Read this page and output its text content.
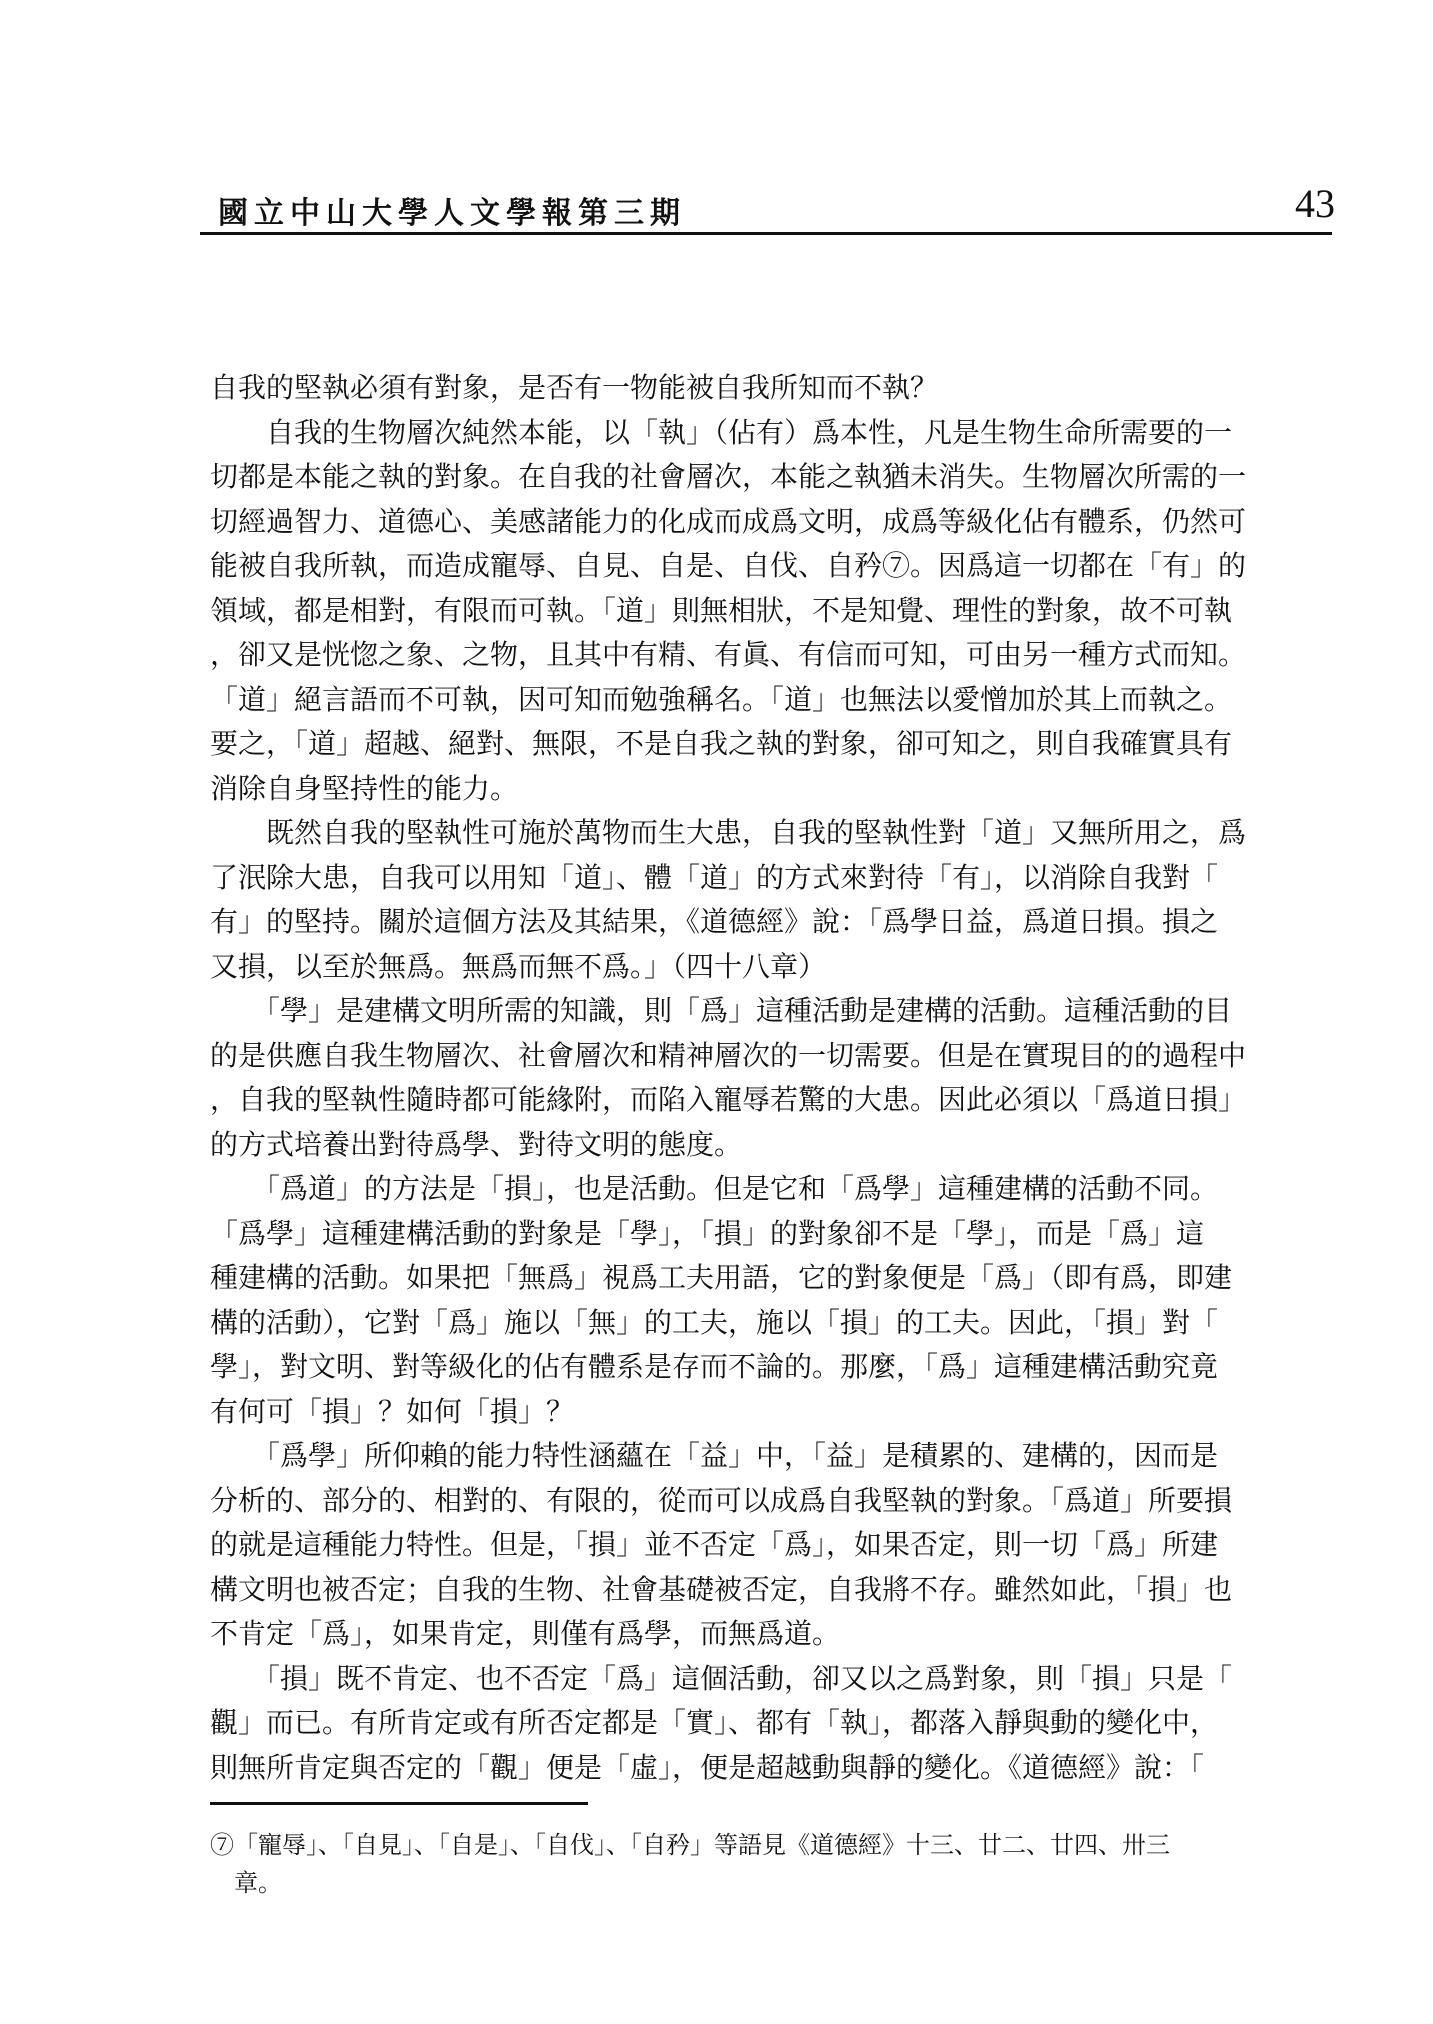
國立中山大學人文學報第三期	43
自我的堅執必須有對象，是否有一物能被自我所知而不執？
　　自我的生物層次純然本能，以「執」（佔有）爲本性，凡是生物生命所需要的一
切都是本能之執的對象。在自我的社會層次，本能之執猶未消失。生物層次所需的一
切經過智力、道德心、美感諸能力的化成而成爲文明，成爲等級化佔有體系，仍然可
能被自我所執，而造成寵辱、自見、自是、自伐、自矜⑦。因爲這一切都在「有」的
領域，都是相對，有限而可執。「道」則無相狀，不是知覺、理性的對象，故不可執
，卻又是恍惚之象、之物，且其中有精、有眞、有信而可知，可由另一種方式而知。
「道」絕言語而不可執，因可知而勉強稱名。「道」也無法以愛憎加於其上而執之。
要之，「道」超越、絕對、無限，不是自我之執的對象，卻可知之，則自我確實具有
消除自身堅持性的能力。
　　既然自我的堅執性可施於萬物而生大患，自我的堅執性對「道」又無所用之，爲
了泯除大患，自我可以用知「道」、體「道」的方式來對待「有」，以消除自我對「
有」的堅持。關於這個方法及其結果，《道德經》說：「爲學日益，爲道日損。損之
又損，以至於無爲。無爲而無不爲。」（四十八章）
　　「學」是建構文明所需的知識，則「爲」這種活動是建構的活動。這種活動的目
的是供應自我生物層次、社會層次和精神層次的一切需要。但是在實現目的的過程中
，自我的堅執性隨時都可能緣附，而陷入寵辱若驚的大患。因此必須以「爲道日損」
的方式培養出對待爲學、對待文明的態度。
　　「爲道」的方法是「損」，也是活動。但是它和「爲學」這種建構的活動不同。
「爲學」這種建構活動的對象是「學」，「損」的對象卻不是「學」，而是「爲」這
種建構的活動。如果把「無爲」視爲工夫用語，它的對象便是「爲」（即有爲，即建
構的活動），它對「爲」施以「無」的工夫，施以「損」的工夫。因此，「損」對「
學」，對文明、對等級化的佔有體系是存而不論的。那麼，「爲」這種建構活動究竟
有何可「損」？如何「損」？
　　「爲學」所仰賴的能力特性涵蘊在「益」中，「益」是積累的、建構的，因而是
分析的、部分的、相對的、有限的，從而可以成爲自我堅執的對象。「爲道」所要損
的就是這種能力特性。但是，「損」並不否定「爲」，如果否定，則一切「爲」所建
構文明也被否定；自我的生物、社會基礎被否定，自我將不存。雖然如此，「損」也
不肯定「爲」，如果肯定，則僅有爲學，而無爲道。
　　「損」既不肯定、也不否定「爲」這個活動，卻又以之爲對象，則「損」只是「
觀」而已。有所肯定或有所否定都是「實」、都有「執」，都落入靜與動的變化中，
則無所肯定與否定的「觀」便是「虛」，便是超越動與靜的變化。《道德經》說：「
⑦「寵辱」、「自見」、「自是」、「自伐」、「自矜」等語見《道德經》十三、廿二、廿四、卅三
　章。
